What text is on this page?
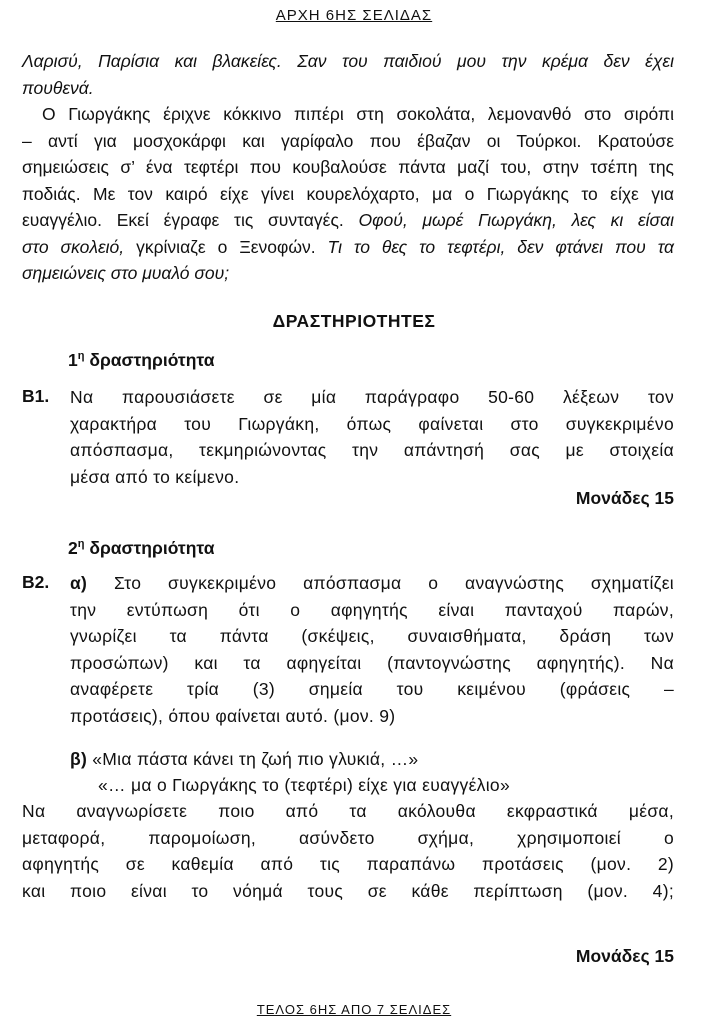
ΑΡΧΗ 6ΗΣ ΣΕΛΙΔΑΣ
Λαρισύ, Παρίσια και βλακείες. Σαν του παιδιού μου την κρέμα δεν έχει
πουθενά.
Ο Γιωργάκης έριχνε κόκκινο πιπέρι στη σοκολάτα, λεμονανθό στο σιρόπι
– αντί για μοσχοκάρφι και γαρίφαλο που έβαζαν οι Τούρκοι. Κρατούσε
σημειώσεις σ’ ένα τεφτέρι που κουβαλούσε πάντα μαζί του, στην τσέπη της
ποδιάς. Με τον καιρό είχε γίνει κουρελόχαρτο, μα ο Γιωργάκης το είχε για
ευαγγέλιο. Εκεί έγραφε τις συνταγές. Οφού, μωρέ Γιωργάκη, λες κι είσαι
στο σκολειό, γκρίνιαζε ο Ξενοφών. Τι το θες το τεφτέρι, δεν φτάνει που τα
σημειώνεις στο μυαλό σου;
ΔΡΑΣΤΗΡΙΟΤΗΤΕΣ
$1^\eta$ δραστηριότητα
Β1. Να παρουσιάσετε σε μία παράγραφο 50-60 λέξεων τον
χαρακτήρα του Γιωργάκη, όπως φαίνεται στο συγκεκριμένο
απόσπασμα, τεκμηριώνοντας την απάντησή σας με στοιχεία
μέσα από το κείμενο.
Μονάδες 15
$2^\eta$ δραστηριότητα
Β2. α) Στο συγκεκριμένο απόσπασμα ο αναγνώστης σχηματίζει
την εντύπωση ότι ο αφηγητής είναι πανταχού παρών,
γνωρίζει τα πάντα (σκέψεις, συναισθήματα, δράση των
προσώπων) και τα αφηγείται (παντογνώστης αφηγητής). Να
αναφέρετε τρία (3) σημεία του κειμένου (φράσεις –
προτάσεις), όπου φαίνεται αυτό. (μον. 9)
β) «Μια πάστα κάνει τη ζωή πιο γλυκιά, …»
«… μα ο Γιωργάκης το (τεφτέρι) είχε για ευαγγέλιο»
Να αναγνωρίσετε ποιο από τα ακόλουθα εκφραστικά μέσα,
μεταφορά, παρομοίωση, ασύνδετο σχήμα, χρησιμοποιεί ο
αφηγητής σε καθεμία από τις παραπάνω προτάσεις (μον. 2)
και ποιο είναι το νόημά τους σε κάθε περίπτωση (μον. 4);
Μονάδες 15
ΤΕΛΟΣ 6ΗΣ ΑΠΟ 7 ΣΕΛΙΔΕΣ
